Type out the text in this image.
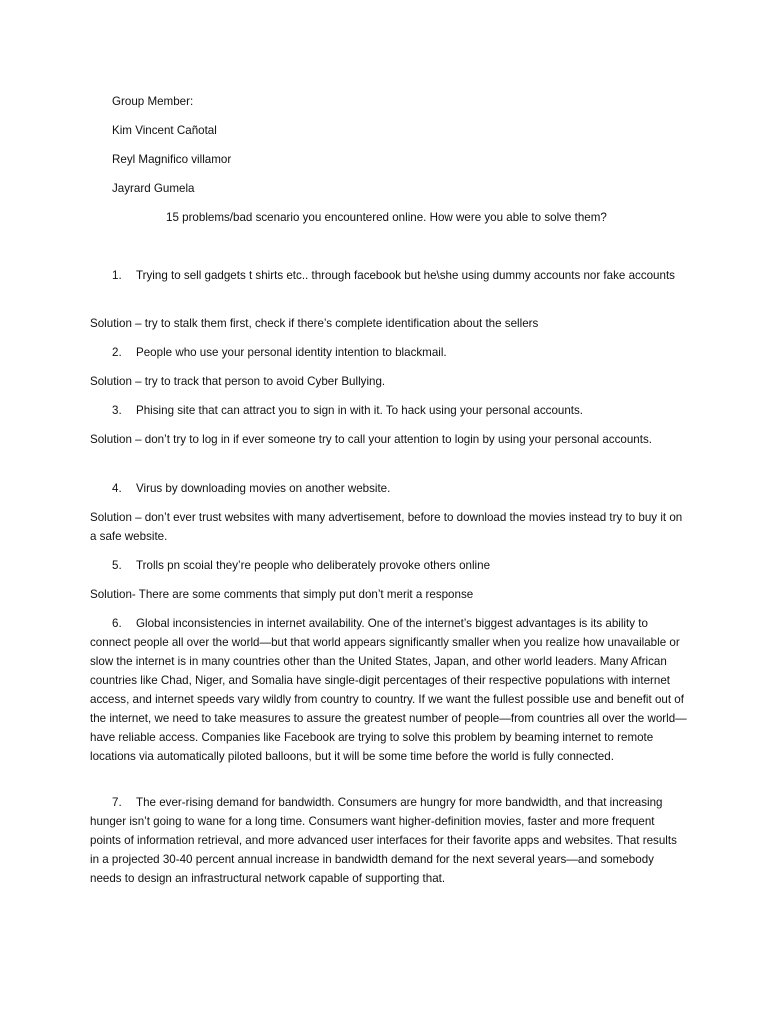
Group Member:
Kim Vincent Cañotal
Reyl Magnifico villamor
Jayrard Gumela
15 problems/bad scenario you encountered online. How were you able to solve them?
1.	Trying to sell gadgets t shirts etc.. through facebook but he\she using dummy accounts nor fake accounts
Solution – try to stalk them first, check if there’s complete identification about the sellers
2.	People who use your personal identity intention to blackmail.
Solution – try to track that person to avoid Cyber Bullying.
3.	Phising site that can attract you to sign in with it. To hack using your personal accounts.
Solution – don’t try to log in if ever someone try to call your attention to login by using your personal accounts.
4.	Virus by downloading movies on another website.
Solution – don’t ever trust websites with many advertisement, before to download the movies instead try to buy it on a safe website.
5.	Trolls pn scoial they’re people who deliberately provoke others online
Solution- There are some comments that simply put don’t merit a response
6. Global inconsistencies in internet availability. One of the internet’s biggest advantages is its ability to connect people all over the world—but that world appears significantly smaller when you realize how unavailable or slow the internet is in many countries other than the United States, Japan, and other world leaders. Many African countries like Chad, Niger, and Somalia have single-digit percentages of their respective populations with internet access, and internet speeds vary wildly from country to country. If we want the fullest possible use and benefit out of the internet, we need to take measures to assure the greatest number of people—from countries all over the world—have reliable access. Companies like Facebook are trying to solve this problem by beaming internet to remote locations via automatically piloted balloons, but it will be some time before the world is fully connected.
7. The ever-rising demand for bandwidth. Consumers are hungry for more bandwidth, and that increasing hunger isn’t going to wane for a long time. Consumers want higher-definition movies, faster and more frequent points of information retrieval, and more advanced user interfaces for their favorite apps and websites. That results in a projected 30-40 percent annual increase in bandwidth demand for the next several years—and somebody needs to design an infrastructural network capable of supporting that.
